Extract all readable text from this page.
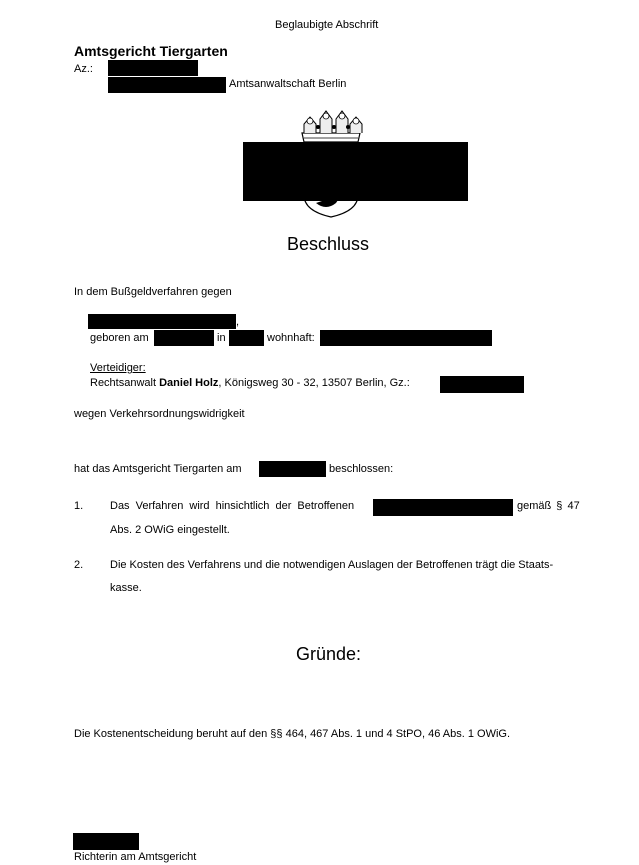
Beglaubigte Abschrift
Amtsgericht Tiergarten
Az.:
Amtsanwaltschaft Berlin
Beschluss
In dem Bußgeldverfahren gegen
,
geboren am	in	wohnhaft:
Verteidiger:
Rechtsanwalt Daniel Holz, Königsweg 30 - 32, 13507 Berlin, Gz.:
wegen Verkehrsordnungswidrigkeit
hat das Amtsgericht Tiergarten am	beschlossen:
1. Das Verfahren wird hinsichtlich der Betroffenen	gemäß § 47
Abs. 2 OWiG eingestellt.
2. Die Kosten des Verfahrens und die notwendigen Auslagen der Betroffenen trägt die Staats-
kasse.
Gründe:
Die Kostenentscheidung beruht auf den §§ 464, 467 Abs. 1 und 4 StPO, 46 Abs. 1 OWiG.
Richterin am Amtsgericht
